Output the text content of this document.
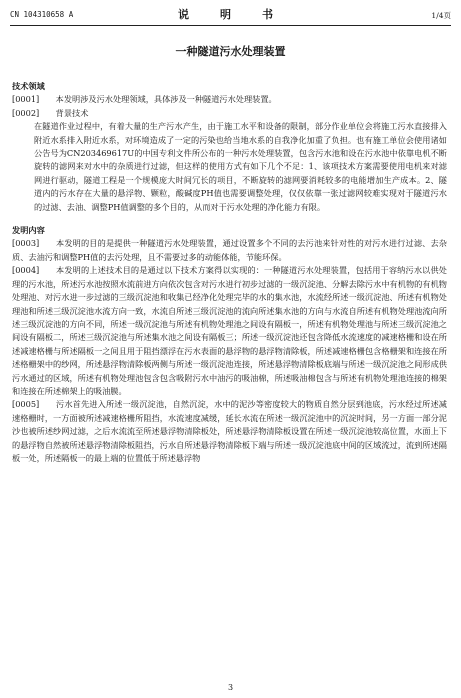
CN 104310658 A	说　明　书	1/4页
一种隧道污水处理装置
技术领域
[0001]　　 本发明涉及污水处理领域，具体涉及一种隧道污水处理装置。
[0002]　　 背景技术
在隧道作业过程中，有着大量的生产污水产生，由于施工水平和设备的限制，部分作业单位会将施工污水直接排入附近水系排入附近水系，对环境造成了一定的污染也给当地水系的自我净化加重了负担。也有施工单位会使用诸如公告号为CN203469617U的中国专利文件所公布的一种污水处理装置，包含污水池和设在污水池中依靠电机不断旋转的滤网来对水中的杂质进行过滤，但这样的使用方式有如下几个不足：1、该项技术方案需要使用电机来对滤网进行驱动，隧道工程是一个规模庞大时间冗长的项目，不断旋转的滤网要消耗较多的电能增加生产成本。2、隧道内的污水存在大量的悬浮物、颗粒，酸碱度PH值也需要调整处理，仅仅依靠一张过滤网较难实现对于隧道污水的过滤、去油、调整PH值调整的多个目的，从而对于污水处理的净化能力有限。
发明内容
[0003]　　 本发明的目的是提供一种隧道污水处理装置，通过设置多个不同的去污池来针对性的对污水进行过滤、去杂质、去油污和调整PH值的去污处理，且不需要过多的动能体能，节能环保。
[0004]　　 本发明的上述技术目的是通过以下技术方案得以实现的：一种隧道污水处理装置，包括用于容纳污水以供处理的污水池，所述污水池按照水流前进方向依次包含对污水进行初步过滤的一级沉淀池、分解去除污水中有机物的有机物处理池、对污水进一步过滤的三级沉淀池和收集已经净化处理完毕的水的集水池，水流经所述一级沉淀池、所述有机物处理池和所述三级沉淀池水流方向一致，水流自所述三级沉淀池的流向所述集水池的方向与水流自所述有机物处理池流向所述三级沉淀池的方向不同，所述一级沉淀池与所述有机物处理池之间设有隔板一，所述有机物处理池与所述三级沉淀池之间设有隔板二，所述三级沉淀池与所述集水池之间设有隔板三；所述一级沉淀池还包含降低水流速度的减速格栅和设在所述减速格栅与所述隔板一之间且用于阻挡漂浮在污水表面的悬浮物的悬浮物清除板，所述减速格栅包含格栅架和连接在所述格栅架中的纱网，所述悬浮物清除板两侧与所述一级沉淀池连接，所述悬浮物清除板底端与所述一级沉淀池之间形成供污水通过的区域，所述有机物处理池包含包含吸附污水中油污的吸油棉，所述吸油棉包含与所述有机物处理池连接的棉架和连接在所述棉架上的吸油膜。
[0005]　　 污水首先进入所述一级沉淀池，自然沉淀，水中的泥沙等密度较大的物质自然分层到池底，污水经过所述减速格栅时，一方面被所述减速格栅所阻挡，水流速度减缓，延长水流在所述一级沉淀池中的沉淀时间，另一方面一部分泥沙也被所述纱网过滤，之后水流流至所述悬浮物清除板处，所述悬浮物清除板设置在所述一级沉淀池较高位置，水面上下的悬浮物自然被所述悬浮物清除板阻挡，污水自所述悬浮物清除板下端与所述一级沉淀池底中间的区域流过，流到所述隔板一处，所述隔板一的最上端的位置低于所述悬浮物
3
